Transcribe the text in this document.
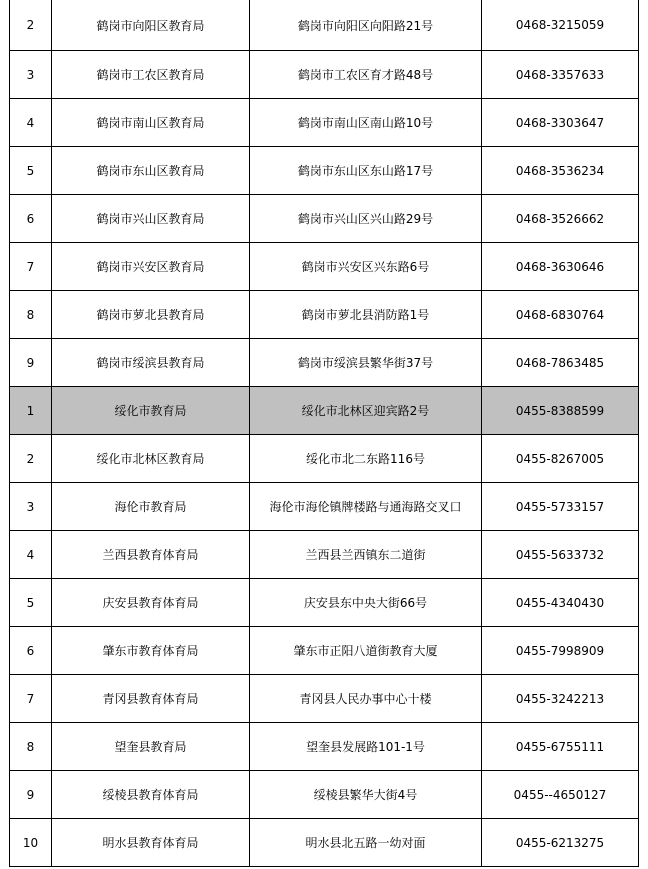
2	鹤岗市向阳区教育局	鹤岗市向阳区向阳路21号	0468-3215059
3	鹤岗市工农区教育局	鹤岗市工农区育才路48号	0468-3357633
4	鹤岗市南山区教育局	鹤岗市南山区南山路10号	0468-3303647
5	鹤岗市东山区教育局	鹤岗市东山区东山路17号	0468-3536234
6	鹤岗市兴山区教育局	鹤岗市兴山区兴山路29号	0468-3526662
7	鹤岗市兴安区教育局	鹤岗市兴安区兴东路6号	0468-3630646
8	鹤岗市萝北县教育局	鹤岗市萝北县消防路1号	0468-6830764
9	鹤岗市绥滨县教育局	鹤岗市绥滨县繁华街37号	0468-7863485
1	绥化市教育局	绥化市北林区迎宾路2号	0455-8388599
2	绥化市北林区教育局	绥化市北二东路116号	0455-8267005
3	海伦市教育局	海伦市海伦镇牌楼路与通海路交叉口	0455-5733157
4	兰西县教育体育局	兰西县兰西镇东二道街	0455-5633732
5	庆安县教育体育局	庆安县东中央大街66号	0455-4340430
6	肇东市教育体育局	肇东市正阳八道街教育大厦	0455-7998909
7	青冈县教育体育局	青冈县人民办事中心十楼	0455-3242213
8	望奎县教育局	望奎县发展路101-1号	0455-6755111
9	绥棱县教育体育局	绥棱县繁华大街4号	0455--4650127
10	明水县教育体育局	明水县北五路一幼对面	0455-6213275
